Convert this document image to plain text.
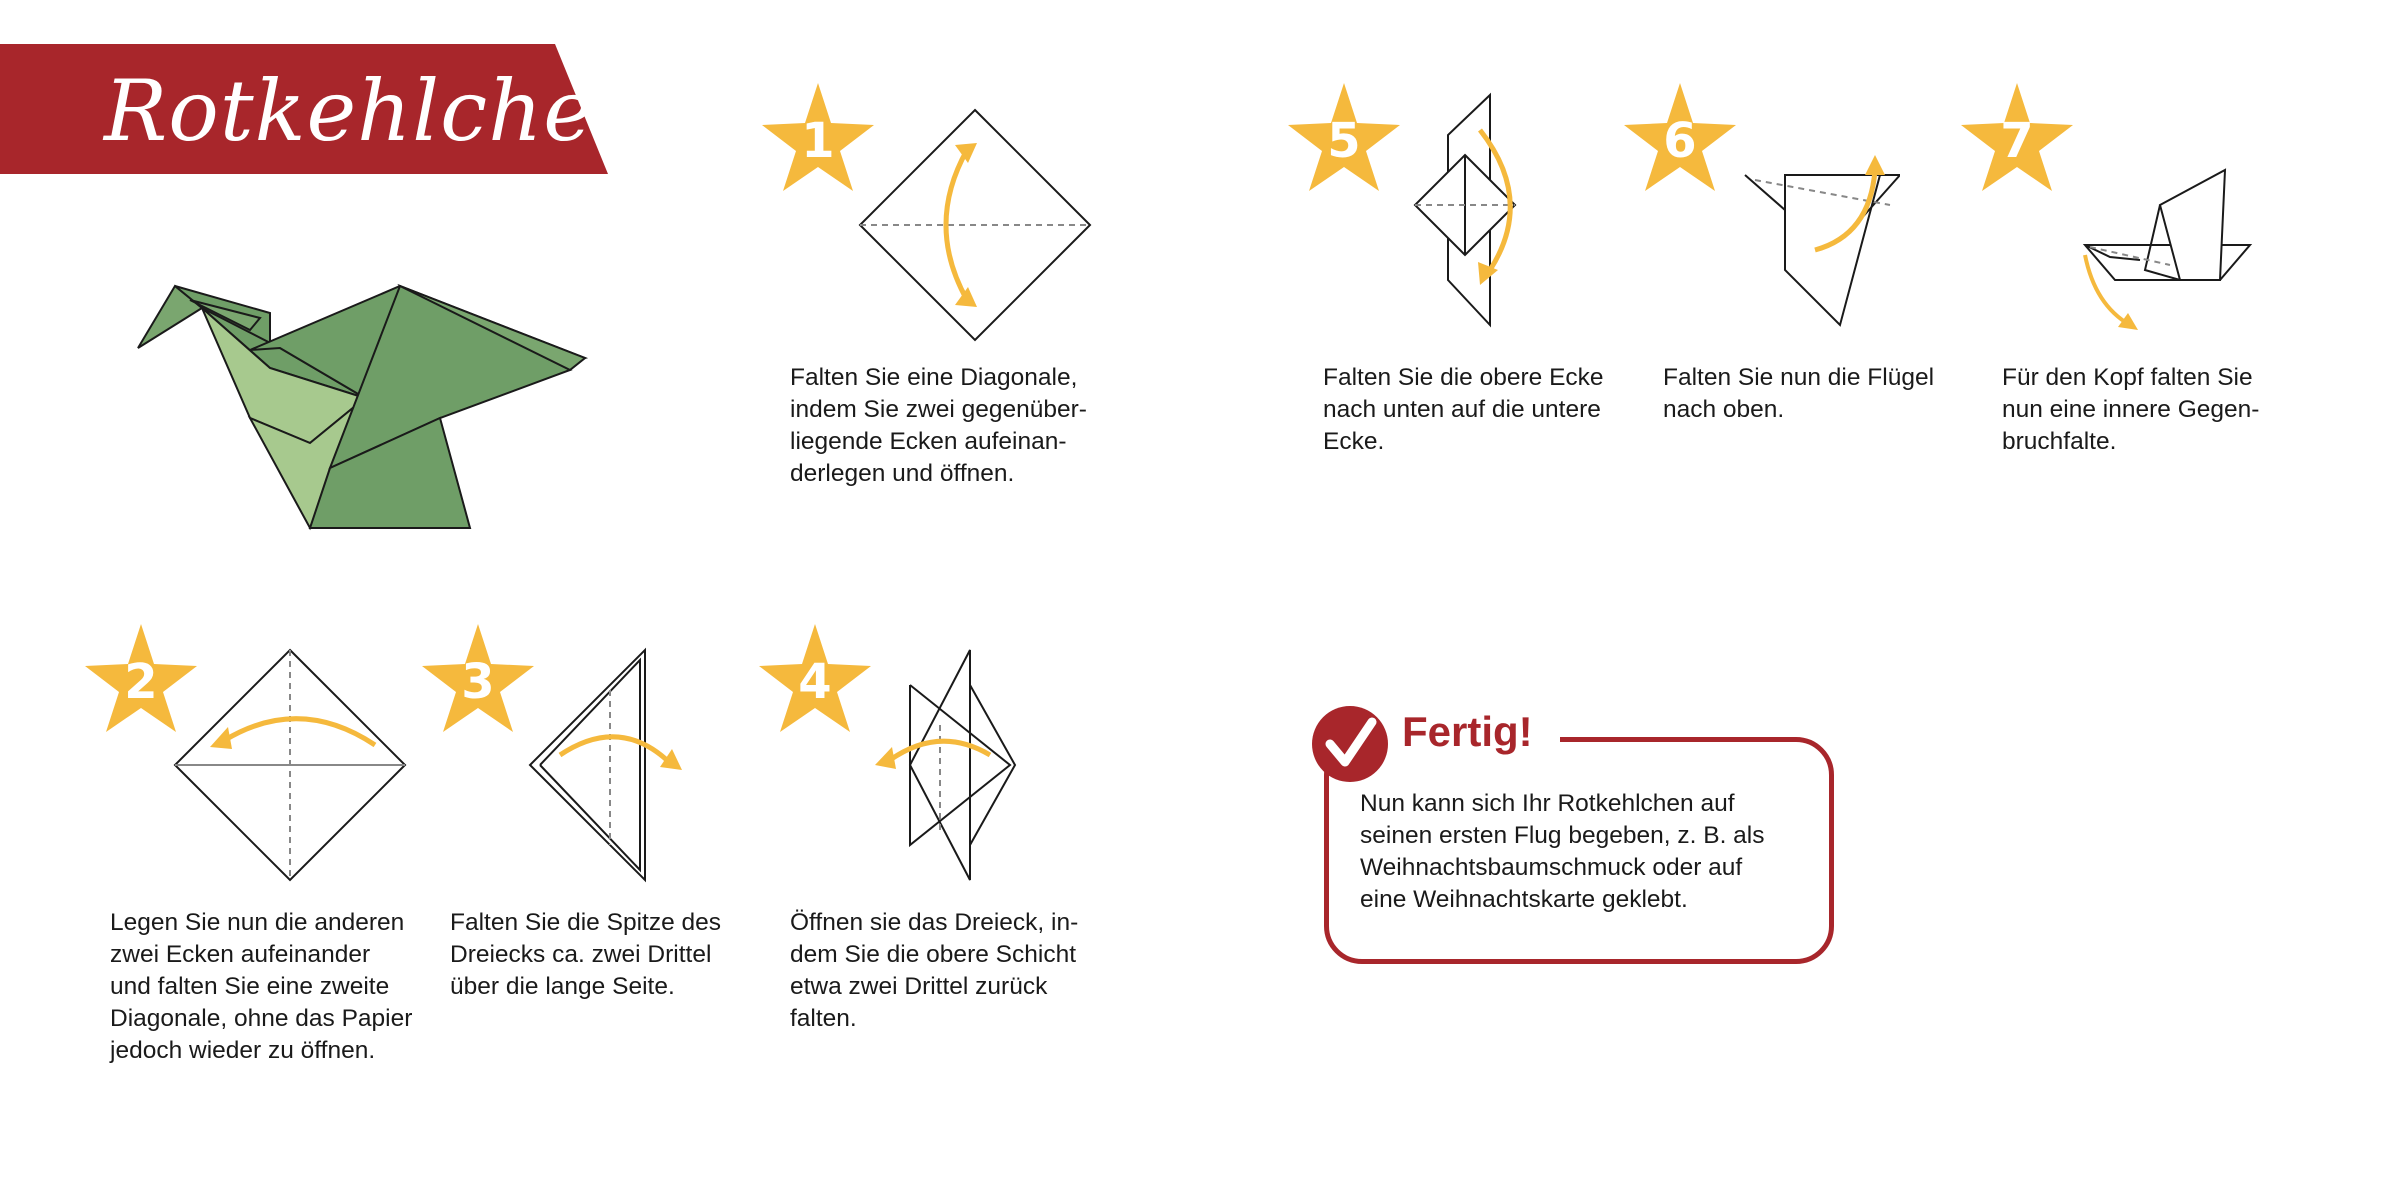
Rotkehlchen	1
2	3	4
5	6	7
Falten Sie eine Diagonale,
indem Sie zwei gegenüber-
liegende Ecken aufeinan-
derlegen und öffnen.
Legen Sie nun die anderen
zwei Ecken aufeinander
und falten Sie eine zweite
Diagonale, ohne das Papier
jedoch wieder zu öffnen.
Falten Sie die Spitze des
Dreiecks ca. zwei Drittel
über die lange Seite.
Öffnen sie das Dreieck, in-
dem Sie die obere Schicht
etwa zwei Drittel zurück
falten.
Falten Sie die obere Ecke
nach unten auf die untere
Ecke.
Falten Sie nun die Flügel
nach oben.
Für den Kopf falten Sie
nun eine innere Gegen-
bruchfalte.
Fertig!
Nun kann sich Ihr Rotkehlchen auf
seinen ersten Flug begeben, z. B. als
Weihnachtsbaumschmuck oder auf
eine Weihnachtskarte geklebt.
